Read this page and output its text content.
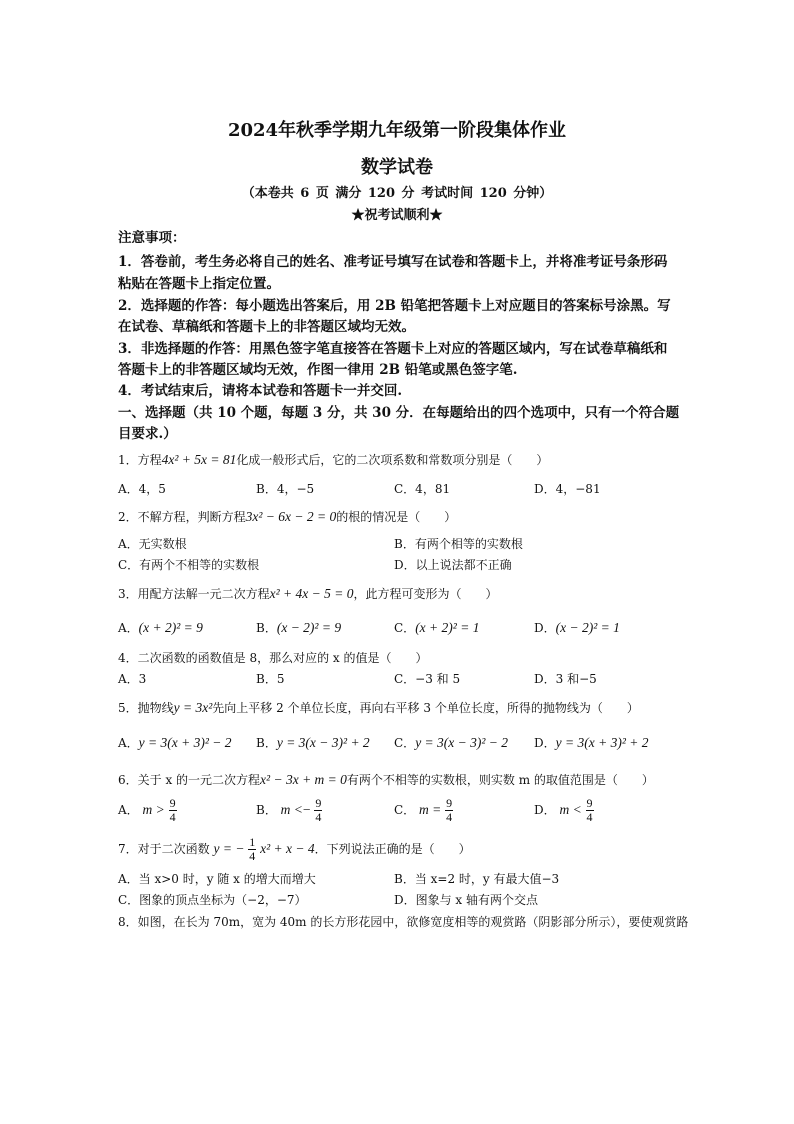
2024年秋季学期九年级第一阶段集体作业
数学试卷
（本卷共 6 页 满分 120 分 考试时间 120 分钟）
★祝考试顺利★
注意事项：
1．答卷前，考生务必将自己的姓名、准考证号填写在试卷和答题卡上，并将准考证号条形码
粘贴在答题卡上指定位置。
2．选择题的作答：每小题选出答案后，用 2B 铅笔把答题卡上对应题目的答案标号涂黑。写
在试卷、草稿纸和答题卡上的非答题区域均无效。
3．非选择题的作答：用黑色签字笔直接答在答题卡上对应的答题区域内，写在试卷草稿纸和
答题卡上的非答题区域均无效，作图一律用 2B 铅笔或黑色签字笔.
4．考试结束后，请将本试卷和答题卡一并交回.
一、选择题（共 10 个题，每题 3 分，共 30 分．在每题给出的四个选项中，只有一个符合题
目要求.）
1．方程4x² + 5x = 81化成一般形式后，它的二次项系数和常数项分别是（　　）
A．4，5	B．4，−5	C．4，81	D．4，−81
2．不解方程，判断方程3x² − 6x − 2 = 0的根的情况是（　　）
A．无实数根	B．有两个相等的实数根
C．有两个不相等的实数根	D．以上说法都不正确
3．用配方法解一元二次方程x² + 4x − 5 = 0，此方程可变形为（　　）
A．(x + 2)² = 9	B．(x − 2)² = 9	C．(x + 2)² = 1	D．(x − 2)² = 1
4．二次函数的函数值是 8，那么对应的 x 的值是（　　）
A．3	B．5	C．−3 和 5	D．3 和−5
5．抛物线y = 3x²先向上平移 2 个单位长度，再向右平移 3 个单位长度，所得的抛物线为（　　）
A．y = 3(x + 3)² − 2 B．y = 3(x − 3)² + 2 C．y = 3(x − 3)² − 2 D．y = 3(x + 3)² + 2
6．关于 x 的一元二次方程x² − 3x + m = 0有两个不相等的实数根，则实数 m 的取值范围是（　　）
A． $m > \frac{9}{4}$	B． $m <- \frac{9}{4}$	C． $m = \frac{9}{4}$	D． $m < \frac{9}{4}$
7．对于二次函数 y = − $\frac{1}{4} x^2 + x - 4$．下列说法正确的是（　　）
A．当 x>0 时，y 随 x 的增大而增大	B．当 x=2 时，y 有最大值−3
C．图象的顶点坐标为（−2，−7）	D．图象与 x 轴有两个交点
8．如图，在长为 70m，宽为 40m 的长方形花园中，欲修宽度相等的观赏路（阴影部分所示），要使观赏路
